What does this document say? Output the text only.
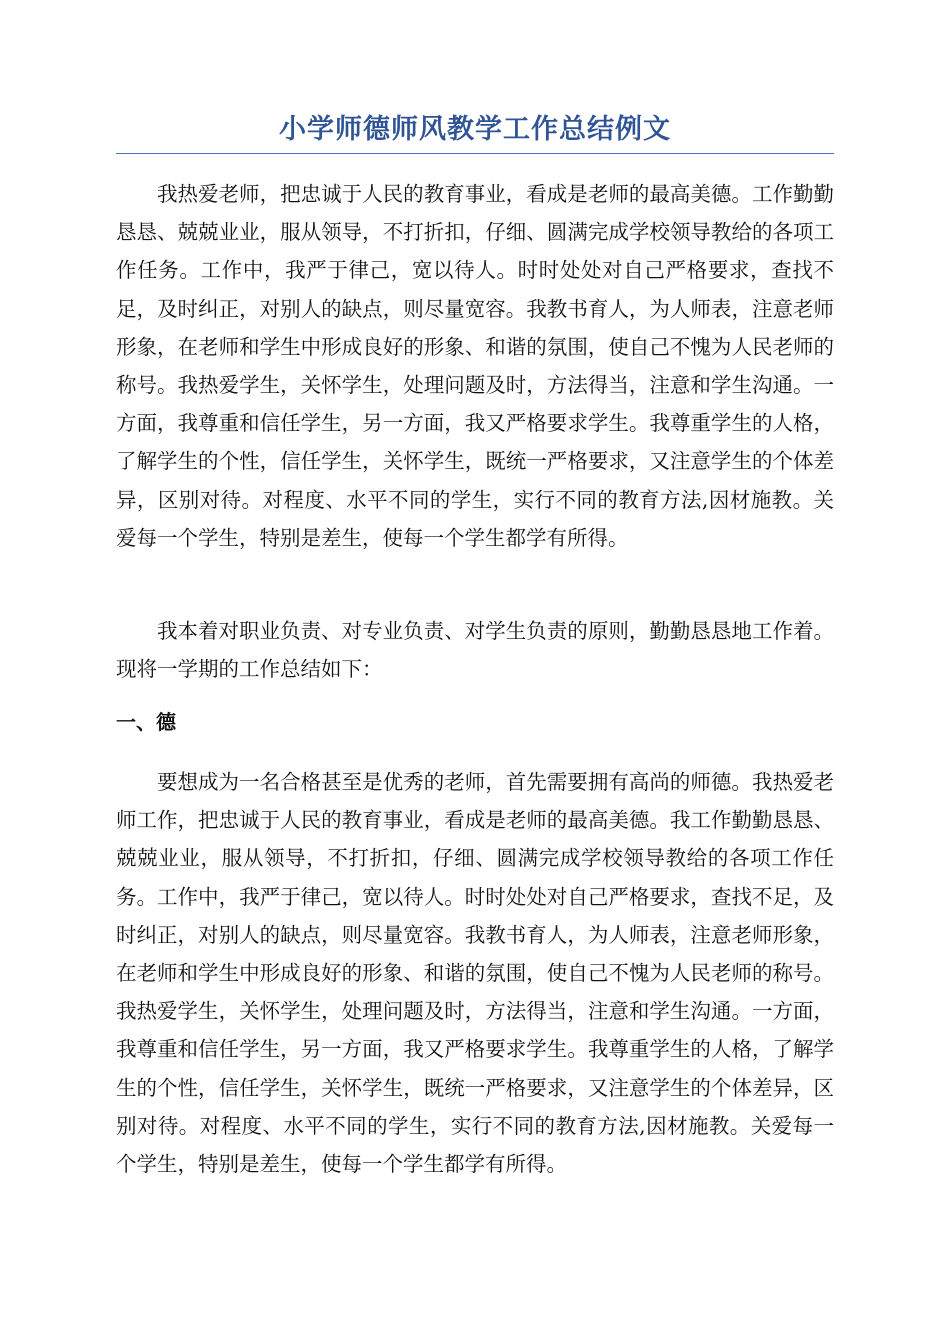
小学师德师风教学工作总结例文

我热爱老师，把忠诚于人民的教育事业，看成是老师的最高美德。工作勤勤恳恳、兢兢业业，服从领导，不打折扣，仔细、圆满完成学校领导教给的各项工作任务。工作中，我严于律己，宽以待人。时时处处对自己严格要求，查找不足，及时纠正，对别人的缺点，则尽量宽容。我教书育人，为人师表，注意老师形象，在老师和学生中形成良好的形象、和谐的氛围，使自己不愧为人民老师的称号。我热爱学生，关怀学生，处理问题及时，方法得当，注意和学生沟通。一方面，我尊重和信任学生，另一方面，我又严格要求学生。我尊重学生的人格，了解学生的个性，信任学生，关怀学生，既统一严格要求，又注意学生的个体差异，区别对待。对程度、水平不同的学生，实行不同的教育方法,因材施教。关爱每一个学生，特别是差生，使每一个学生都学有所得。

我本着对职业负责、对专业负责、对学生负责的原则，勤勤恳恳地工作着。现将一学期的工作总结如下：

一、德

要想成为一名合格甚至是优秀的老师，首先需要拥有高尚的师德。我热爱老师工作，把忠诚于人民的教育事业，看成是老师的最高美德。我工作勤勤恳恳、兢兢业业，服从领导，不打折扣，仔细、圆满完成学校领导教给的各项工作任务。工作中，我严于律己，宽以待人。时时处处对自己严格要求，查找不足，及时纠正，对别人的缺点，则尽量宽容。我教书育人，为人师表，注意老师形象，在老师和学生中形成良好的形象、和谐的氛围，使自己不愧为人民老师的称号。我热爱学生，关怀学生，处理问题及时，方法得当，注意和学生沟通。一方面，我尊重和信任学生，另一方面，我又严格要求学生。我尊重学生的人格，了解学生的个性，信任学生，关怀学生，既统一严格要求，又注意学生的个体差异，区别对待。对程度、水平不同的学生，实行不同的教育方法,因材施教。关爱每一个学生，特别是差生，使每一个学生都学有所得。
